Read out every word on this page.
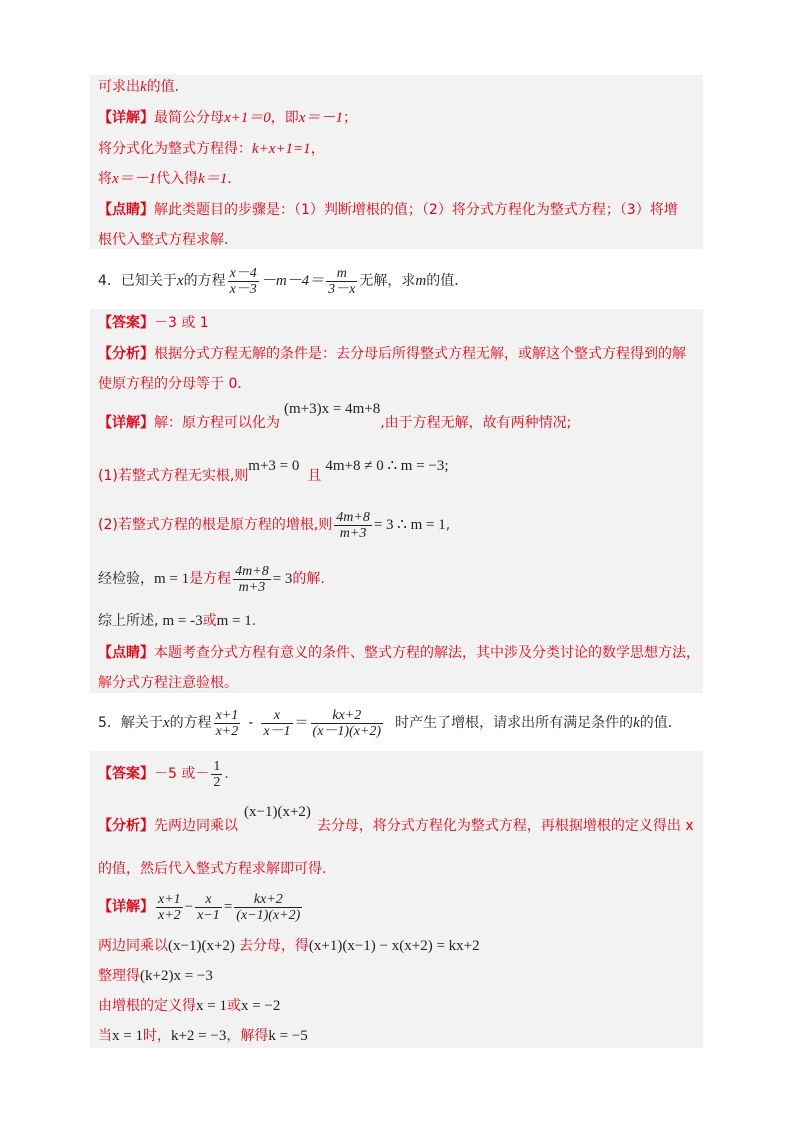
可求出k的值．
【详解】最简公分母x+1＝0，即x＝－1；
将分式化为整式方程得：k+x+1=1，
将x＝－1代入得k＝1．
【点睛】解此类题目的步骤是：（1）判断增根的值；（2）将分式方程化为整式方程；（3）将增
根代入整式方程求解．
4．已知关于x的方程 $\frac{x-4}{x-3} -m-4= \frac{m}{3-x}$ 无解，求m的值．
【答案】－3 或 1
【分析】根据分式方程无解的条件是：去分母后所得整式方程无解，或解这个整式方程得到的解
使原方程的分母等于 0．
【详解】解：原方程可以化为(m+3)x = 4m+8,由于方程无解，故有两种情况;
(1)若整式方程无实根,则m+3 = 0且4m+8 ≠ 0 ∴ m = −3;
(2)若整式方程的根是原方程的增根,则 $\frac{4m+8}{m+3} = 3$ ∴ m = 1,
经检验，m = 1是方程 $\frac{4m+8}{m+3} = 3$的解.
综上所述, m = -3或m = 1.
【点睛】本题考查分式方程有意义的条件、整式方程的解法，其中涉及分类讨论的数学思想方法，
解分式方程注意验根。
5．解关于x的方程 $\frac{x+1}{x+2} - \frac{x}{x-1} = \frac{kx+2}{(x-1)(x+2)}$ 时产生了增根，请求出所有满足条件的k的值．
【答案】－5 或－ $\frac{1}{2}$ ．
【分析】先两边同乘以(x−1)(x+2)去分母，将分式方程化为整式方程，再根据增根的定义得出 x
的值，然后代入整式方程求解即可得.
【详解】 $\frac{x+1}{x+2} - \frac{x}{x-1} = \frac{kx+2}{(x-1)(x+2)}$
两边同乘以(x−1)(x+2) 去分母，得(x+1)(x−1) − x(x+2) = kx+2
整理得(k+2)x = −3
由增根的定义得x = 1或x = −2
当x = 1时，k+2 = −3，解得k = −5
